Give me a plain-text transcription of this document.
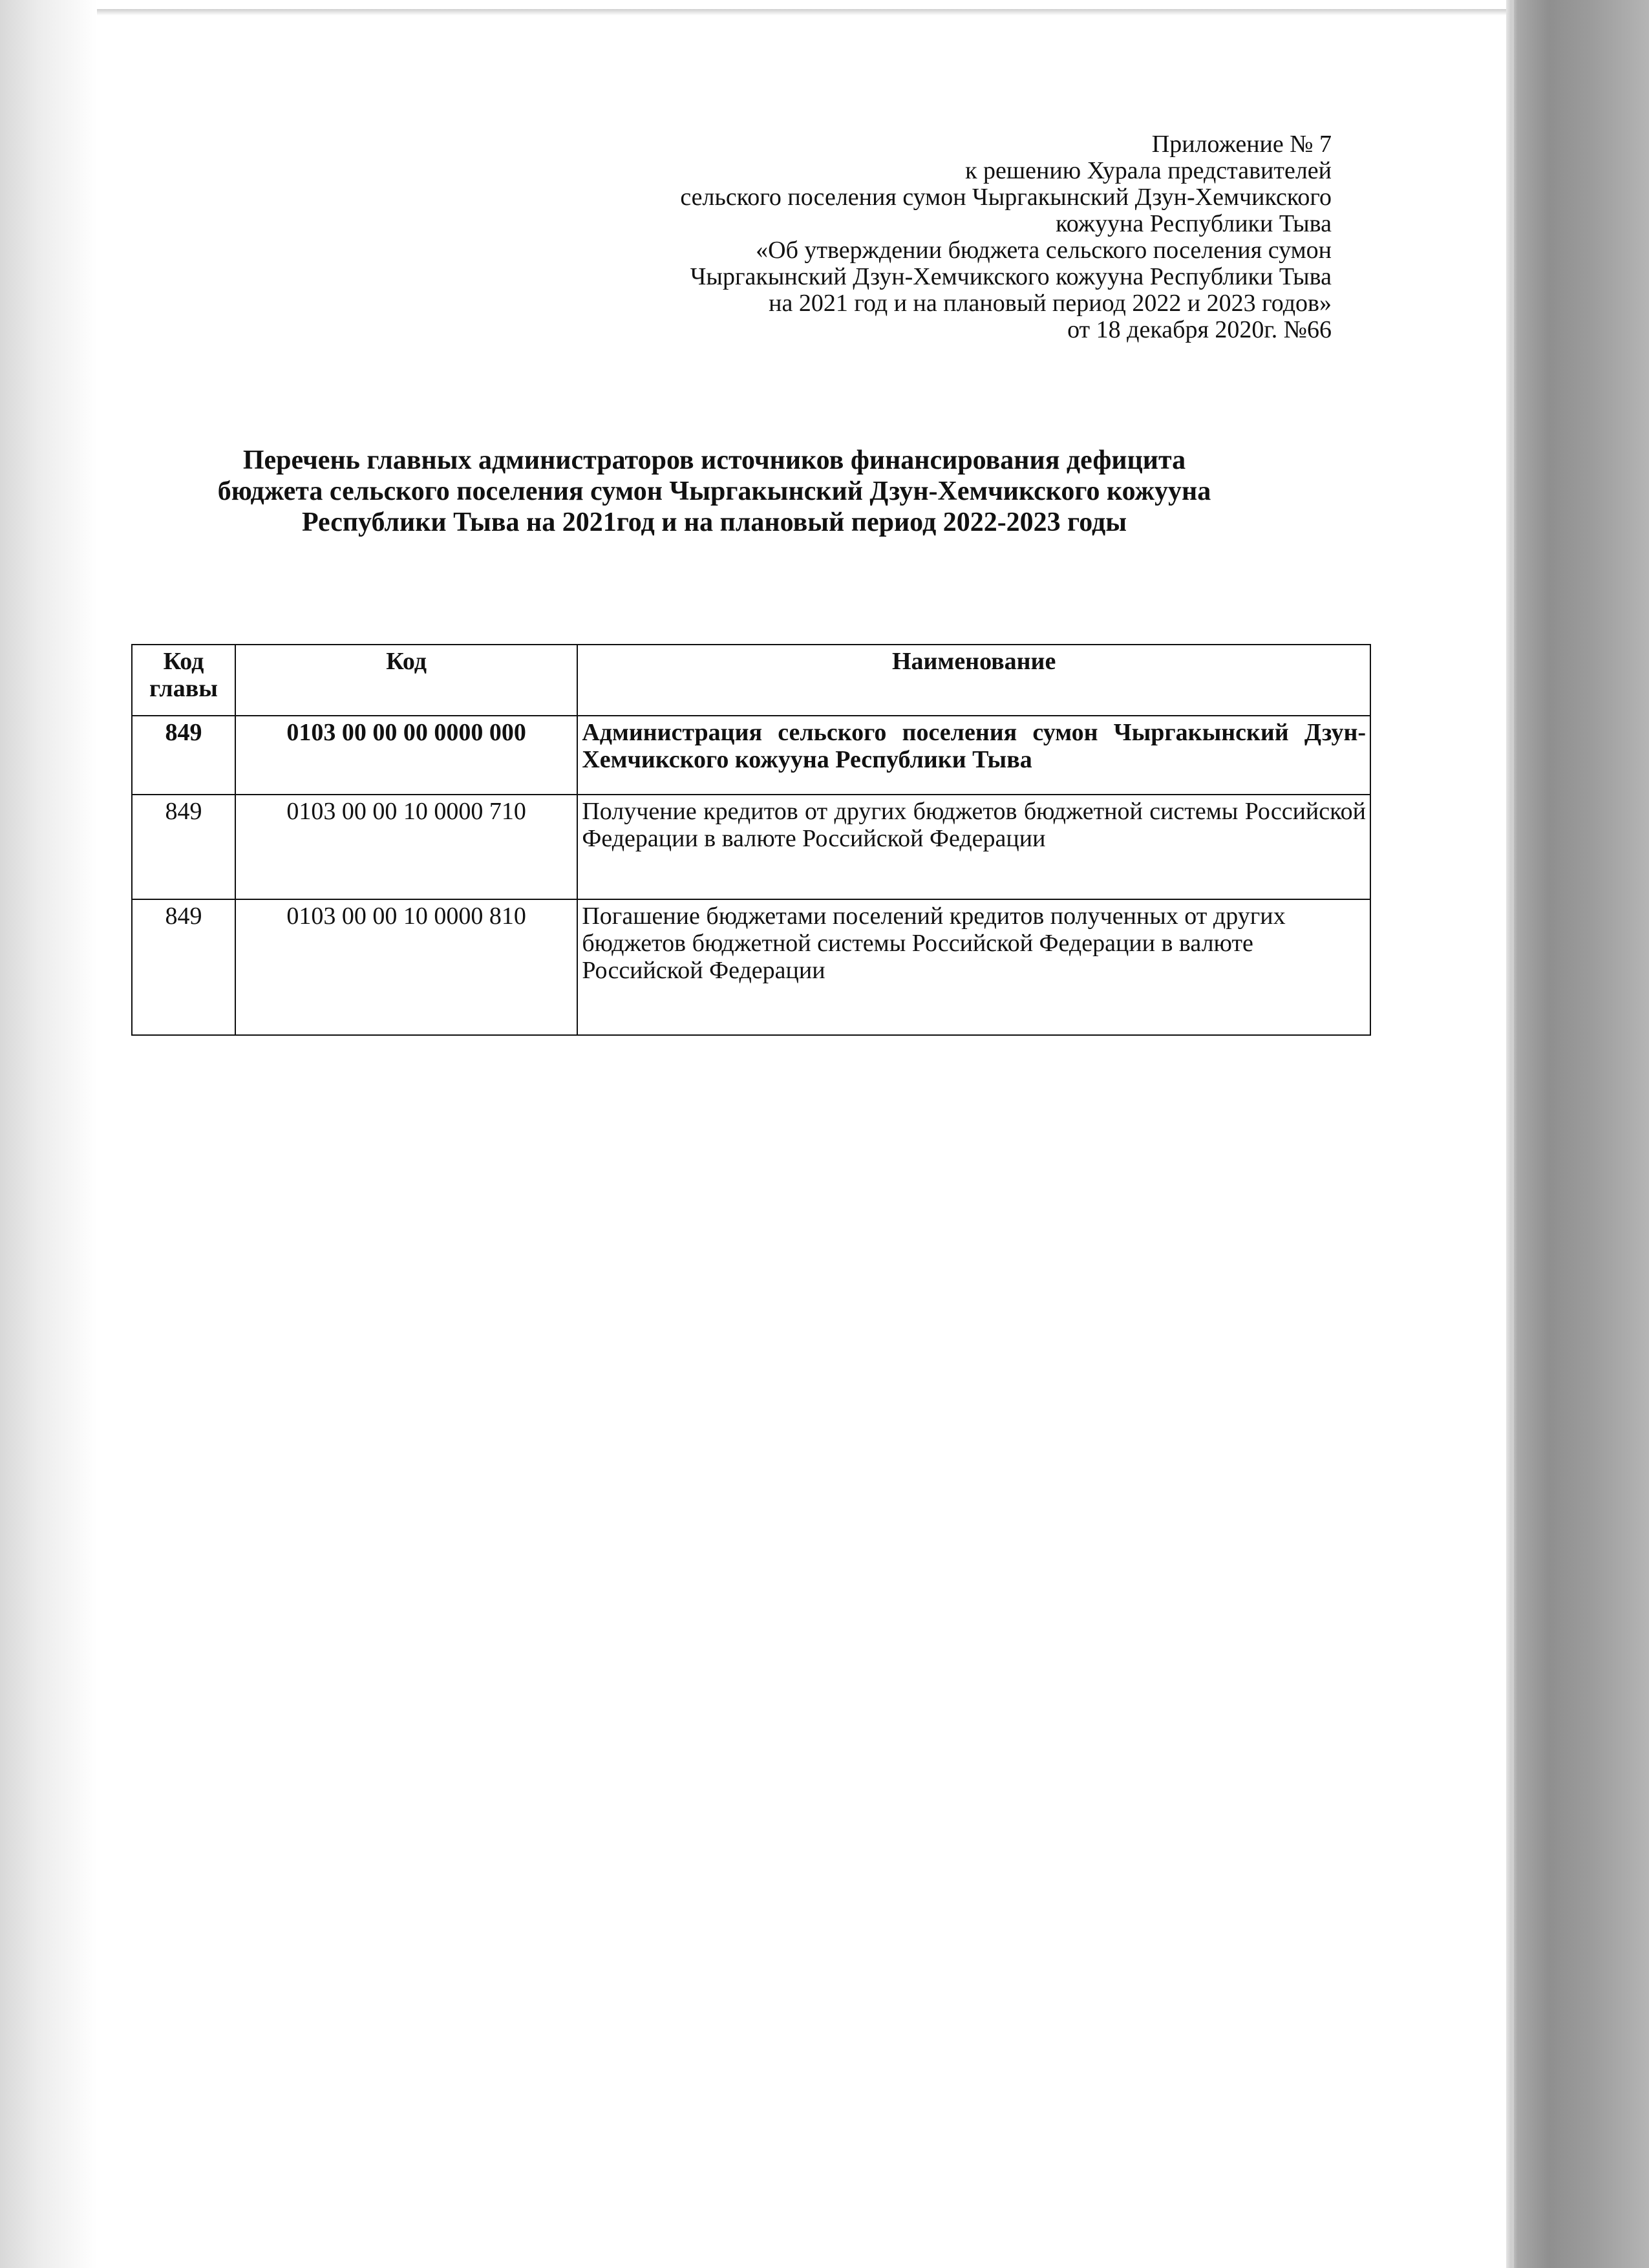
Приложение № 7
к решению Хурала представителей
сельского поселения сумон Чыргакынский Дзун-Хемчикского
кожууна Республики Тыва
«Об утверждении бюджета сельского поселения сумон
Чыргакынский Дзун-Хемчикского кожууна Республики Тыва
на 2021 год и на плановый период 2022 и 2023 годов»
от 18 декабря 2020г. №66
Перечень главных администраторов источников финансирования дефицита
бюджета сельского поселения сумон Чыргакынский Дзун-Хемчикского кожууна
Республики Тыва на 2021год и на плановый период 2022-2023 годы
Код главы	Код	Наименование
849	0103 00 00 00 0000 000	Администрация сельского поселения сумон Чыргакынский Дзун-Хемчикского кожууна Республики Тыва
849	0103 00 00 10 0000 710	Получение кредитов от других бюджетов бюджетной системы Российской Федерации в валюте Российской Федерации
849	0103 00 00 10 0000 810	Погашение бюджетами поселений кредитов полученных от других бюджетов бюджетной системы Российской Федерации в валюте Российской Федерации
